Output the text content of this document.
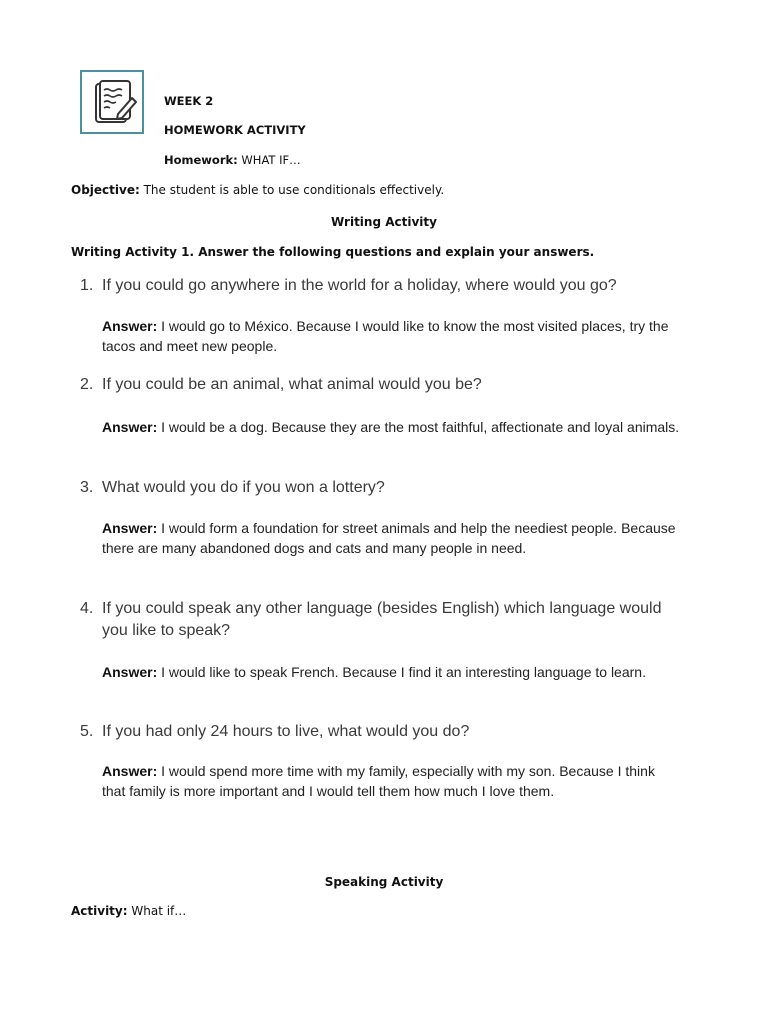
WEEK 2
HOMEWORK ACTIVITY
Homework: WHAT IF…
Objective: The student is able to use conditionals effectively.
Writing Activity
Writing Activity 1. Answer the following questions and explain your answers.
1. If you could go anywhere in the world for a holiday, where would you go?
Answer: I would go to México. Because I would like to know the most visited places, try the tacos and meet new people.
2. If you could be an animal, what animal would you be?
Answer: I would be a dog. Because they are the most faithful, affectionate and loyal animals.
3. What would you do if you won a lottery?
Answer: I would form a foundation for street animals and help the neediest people. Because there are many abandoned dogs and cats and many people in need.
4. If you could speak any other language (besides English) which language would you like to speak?
Answer: I would like to speak French. Because I find it an interesting language to learn.
5. If you had only 24 hours to live, what would you do?
Answer: I would spend more time with my family, especially with my son. Because I think that family is more important and I would tell them how much I love them.
Speaking Activity
Activity: What if…
